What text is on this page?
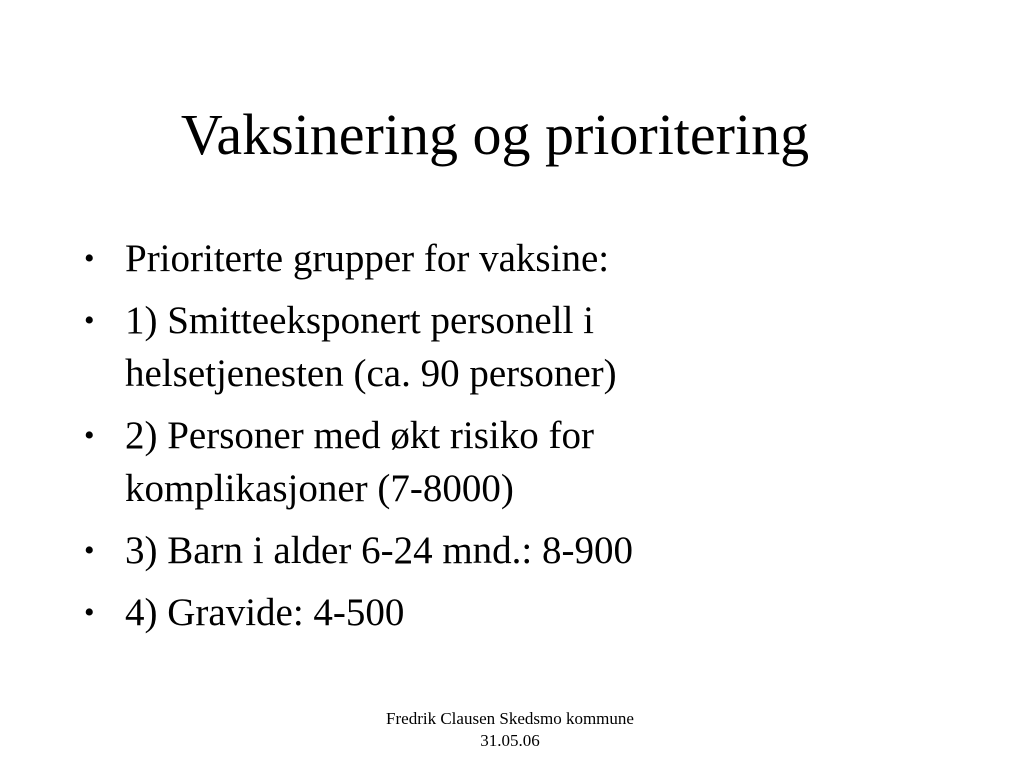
Vaksinering og prioritering
• Prioriterte grupper for vaksine:
• 1) Smitteeksponert personell i helsetjenesten (ca. 90 personer)
• 2) Personer med økt risiko for komplikasjoner (7-8000)
• 3) Barn i alder 6-24 mnd.: 8-900
• 4) Gravide: 4-500
Fredrik Clausen Skedsmo kommune
31.05.06
